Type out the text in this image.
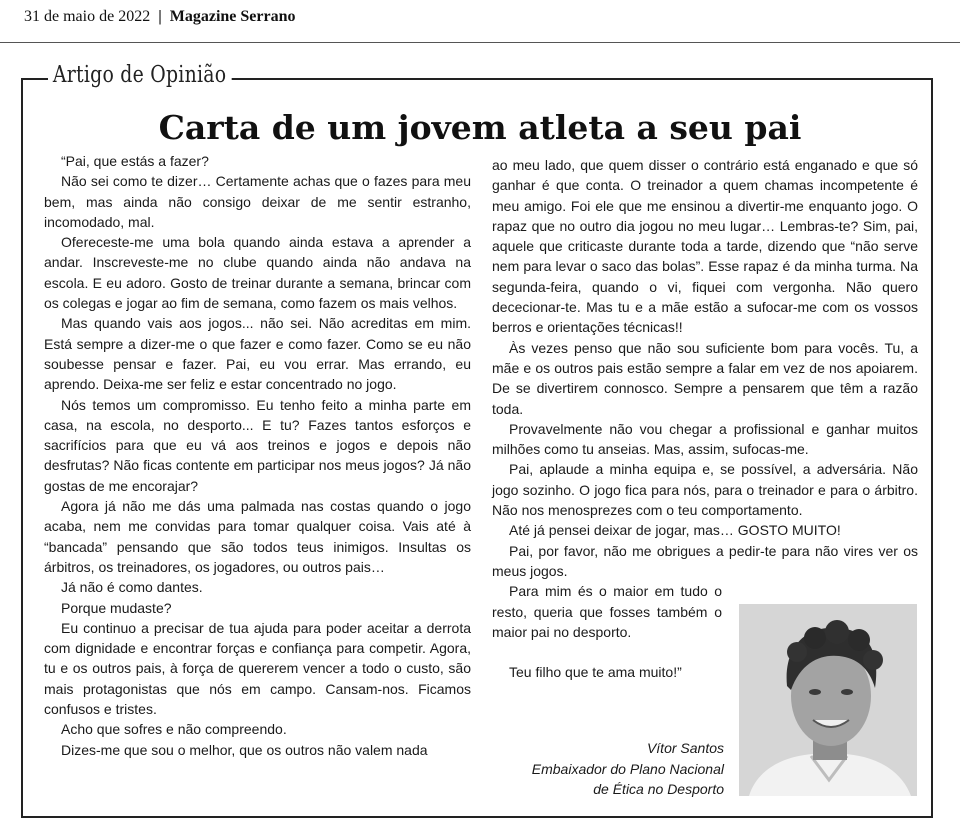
31 de maio de 2022 | Magazine Serrano
Artigo de Opinião
Carta de um jovem atleta a seu pai

“Pai, que estás a fazer?

Não sei como te dizer… Certamente achas que o fazes para meu bem, mas ainda não consigo deixar de me sentir estranho, incomodado, mal.

Ofereceste-me uma bola quando ainda estava a aprender a andar. Inscreveste-me no clube quando ainda não andava na escola. E eu adoro. Gosto de treinar durante a semana, brincar com os colegas e jogar ao fim de semana, como fazem os mais velhos.

Mas quando vais aos jogos... não sei. Não acreditas em mim. Está sempre a dizer-me o que fazer e como fazer. Como se eu não soubesse pensar e fazer. Pai, eu vou errar. Mas errando, eu aprendo. Deixa-me ser feliz e estar concentrado no jogo.

Nós temos um compromisso. Eu tenho feito a minha parte em casa, na escola, no desporto... E tu? Fazes tantos esforços e sacrifícios para que eu vá aos treinos e jogos e depois não desfrutas? Não ficas contente em participar nos meus jogos? Já não gostas de me encorajar?

Agora já não me dás uma palmada nas costas quando o jogo acaba, nem me convidas para tomar qualquer coisa. Vais até à “bancada” pensando que são todos teus inimigos. Insultas os árbitros, os treinadores, os jogadores, ou outros pais…

Já não é como dantes.

Porque mudaste?

Eu continuo a precisar de tua ajuda para poder aceitar a derrota com dignidade e encontrar forças e confiança para competir. Agora, tu e os outros pais, à força de quererem vencer a todo o custo, são mais protagonistas que nós em campo. Cansam-nos. Ficamos confusos e tristes.

Acho que sofres e não compreendo.

Dizes-me que sou o melhor, que os outros não valem nada

ao meu lado, que quem disser o contrário está enganado e que só ganhar é que conta. O treinador a quem chamas incompetente é meu amigo. Foi ele que me ensinou a divertir-me enquanto jogo. O rapaz que no outro dia jogou no meu lugar… Lembras-te? Sim, pai, aquele que criticaste durante toda a tarde, dizendo que “não serve nem para levar o saco das bolas”. Esse rapaz é da minha turma. Na segunda-feira, quando o vi, fiquei com vergonha. Não quero dececionar-te. Mas tu e a mãe estão a sufocar-me com os vossos berros e orientações técnicas!!

Às vezes penso que não sou suficiente bom para vocês. Tu, a mãe e os outros pais estão sempre a falar em vez de nos apoiarem. De se divertirem connosco. Sempre a pensarem que têm a razão toda.

Provavelmente não vou chegar a profissional e ganhar muitos milhões como tu anseias. Mas, assim, sufocas-me.

Pai, aplaude a minha equipa e, se possível, a adversária. Não jogo sozinho. O jogo fica para nós, para o treinador e para o árbitro. Não nos menosprezes com o teu comportamento.

Até já pensei deixar de jogar, mas… GOSTO MUITO!

Pai, por favor, não me obrigues a pedir-te para não vires ver os meus jogos.

Para mim és o maior em tudo o resto, queria que fosses também o maior pai no desporto.

Teu filho que te ama muito!”

Vítor Santos
Embaixador do Plano Nacional
de Ética no Desporto
